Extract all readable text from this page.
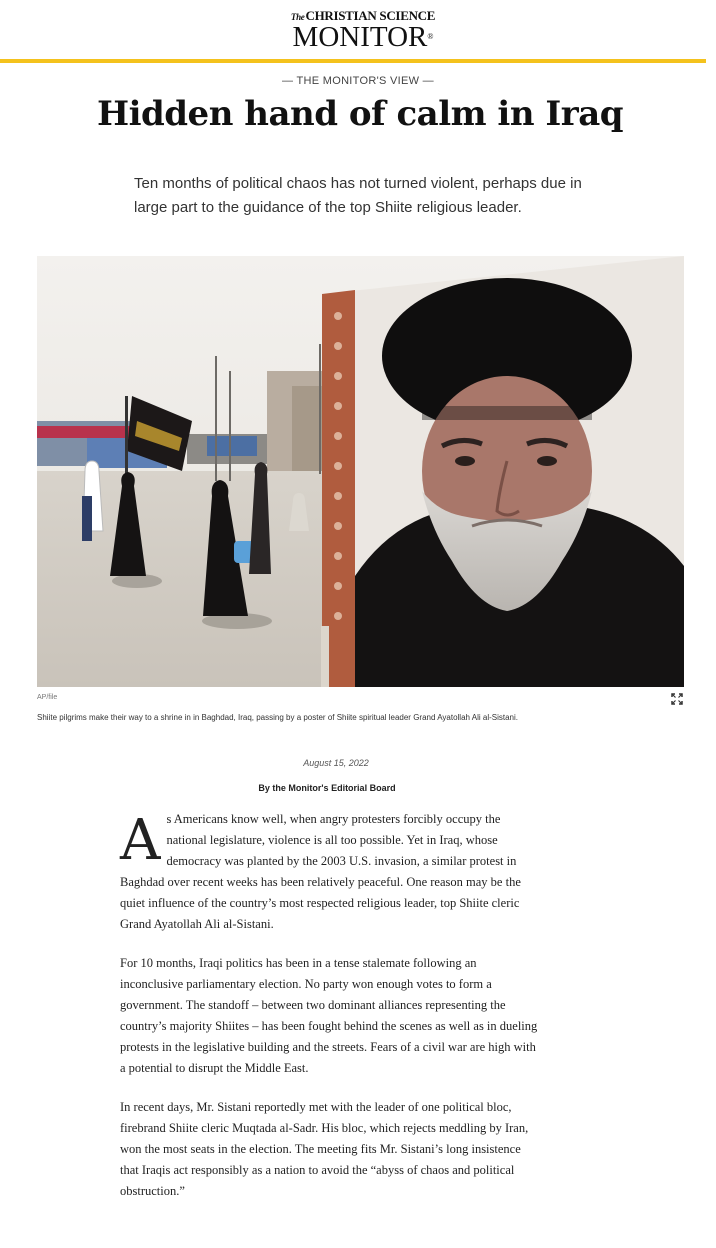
TheCHRISTIAN SCIENCE
MONITOR®
— THE MONITOR'S VIEW —
Hidden hand of calm in Iraq

Ten months of political chaos has not turned violent, perhaps due in large part to the guidance of the top Shiite religious leader.

AP/file
Shiite pilgrims make their way to a shrine in in Baghdad, Iraq, passing by a poster of Shiite spiritual leader Grand Ayatollah Ali al-Sistani.
August 15, 2022
By the Monitor's Editorial Board

As Americans know well, when angry protesters forcibly occupy the national legislature, violence is all too possible. Yet in Iraq, whose democracy was planted by the 2003 U.S. invasion, a similar protest in Baghdad over recent weeks has been relatively peaceful. One reason may be the quiet influence of the country’s most respected religious leader, top Shiite cleric Grand Ayatollah Ali al-Sistani.

For 10 months, Iraqi politics has been in a tense stalemate following an inconclusive parliamentary election. No party won enough votes to form a government. The standoff – between two dominant alliances representing the country’s majority Shiites – has been fought behind the scenes as well as in dueling protests in the legislative building and the streets. Fears of a civil war are high with a potential to disrupt the Middle East.

In recent days, Mr. Sistani reportedly met with the leader of one political bloc, firebrand Shiite cleric Muqtada al-Sadr. His bloc, which rejects meddling by Iran, won the most seats in the election. The meeting fits Mr. Sistani’s long insistence that Iraqis act responsibly as a nation to avoid the “abyss of chaos and political obstruction.”
